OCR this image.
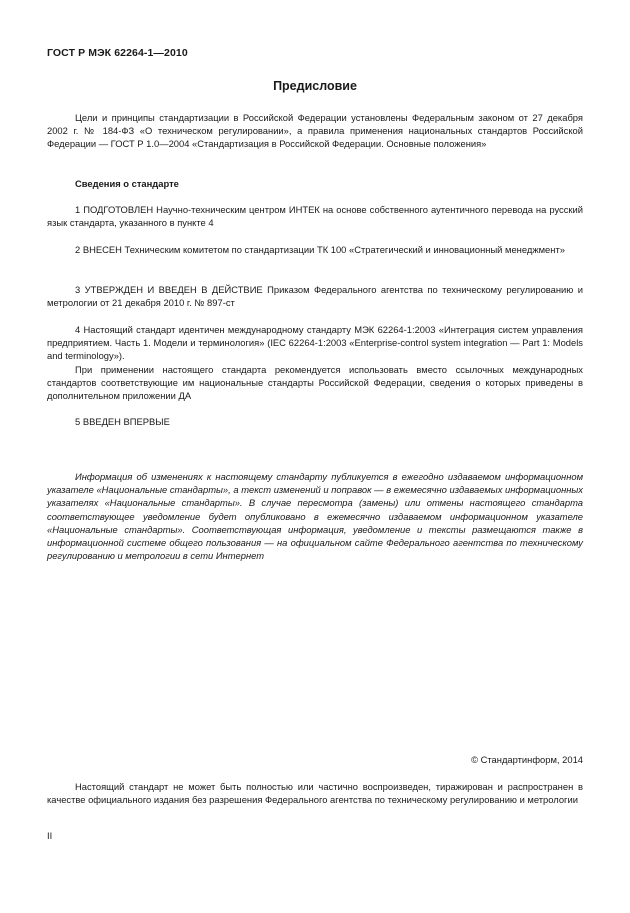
ГОСТ Р МЭК 62264-1—2010
Предисловие
Цели и принципы стандартизации в Российской Федерации установлены Федеральным законом от 27 декабря 2002 г. № 184-ФЗ «О техническом регулировании», а правила применения национальных стандартов Российской Федерации — ГОСТ Р 1.0—2004 «Стандартизация в Российской Федерации. Основные положения»
Сведения о стандарте
1 ПОДГОТОВЛЕН Научно-техническим центром ИНТЕК на основе собственного аутентичного перевода на русский язык стандарта, указанного в пункте 4
2 ВНЕСЕН Техническим комитетом по стандартизации ТК 100 «Стратегический и инновационный менеджмент»
3 УТВЕРЖДЕН И ВВЕДЕН В ДЕЙСТВИЕ Приказом Федерального агентства по техническому регулированию и метрологии от 21 декабря 2010 г. № 897-ст
4 Настоящий стандарт идентичен международному стандарту МЭК 62264-1:2003 «Интеграция систем управления предприятием. Часть 1. Модели и терминология» (IEC 62264-1:2003 «Enterprise-control system integration — Part 1: Models and terminology»).
При применении настоящего стандарта рекомендуется использовать вместо ссылочных международных стандартов соответствующие им национальные стандарты Российской Федерации, сведения о которых приведены в дополнительном приложении ДА
5 ВВЕДЕН ВПЕРВЫЕ
Информация об изменениях к настоящему стандарту публикуется в ежегодно издаваемом информационном указателе «Национальные стандарты», а текст изменений и поправок — в ежемесячно издаваемых информационных указателях «Национальные стандарты». В случае пересмотра (замены) или отмены настоящего стандарта соответствующее уведомление будет опубликовано в ежемесячно издаваемом информационном указателе «Национальные стандарты». Соответствующая информация, уведомление и тексты размещаются также в информационной системе общего пользования — на официальном сайте Федерального агентства по техническому регулированию и метрологии в сети Интернет
© Стандартинформ, 2014
Настоящий стандарт не может быть полностью или частично воспроизведен, тиражирован и распространен в качестве официального издания без разрешения Федерального агентства по техническому регулированию и метрологии
II
